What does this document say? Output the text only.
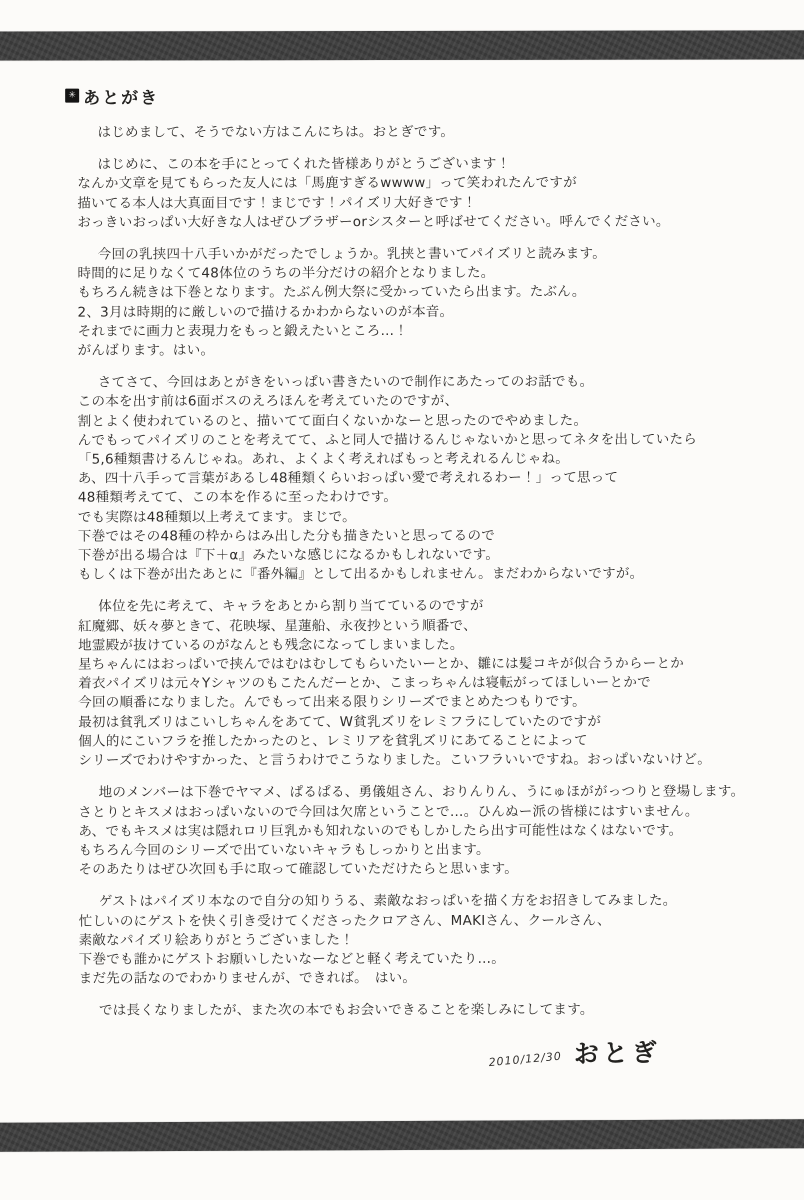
✳
あとがき
はじめまして、そうでない方はこんにちは。おとぎです。
はじめに、この本を手にとってくれた皆様ありがとうございます！
なんか文章を見てもらった友人には「馬鹿すぎるwwww」って笑われたんですが
描いてる本人は大真面目です！まじです！パイズリ大好きです！
おっきいおっぱい大好きな人はぜひブラザーorシスターと呼ばせてください。呼んでください。
今回の乳挟四十八手いかがだったでしょうか。乳挟と書いてパイズリと読みます。
時間的に足りなくて48体位のうちの半分だけの紹介となりました。
もちろん続きは下巻となります。たぶん例大祭に受かっていたら出ます。たぶん。
2、3月は時期的に厳しいので描けるかわからないのが本音。
それまでに画力と表現力をもっと鍛えたいところ…！
がんばります。はい。
さてさて、今回はあとがきをいっぱい書きたいので制作にあたってのお話でも。
この本を出す前は6面ボスのえろほんを考えていたのですが、
割とよく使われているのと、描いてて面白くないかなーと思ったのでやめました。
んでもってパイズリのことを考えてて、ふと同人で描けるんじゃないかと思ってネタを出していたら
「5,6種類書けるんじゃね。あれ、よくよく考えればもっと考えれるんじゃね。
あ、四十八手って言葉があるし48種類くらいおっぱい愛で考えれるわー！」って思って
48種類考えてて、この本を作るに至ったわけです。
でも実際は48種類以上考えてます。まじで。
下巻ではその48種の枠からはみ出した分も描きたいと思ってるので
下巻が出る場合は『下＋α』みたいな感じになるかもしれないです。
もしくは下巻が出たあとに『番外編』として出るかもしれません。まだわからないですが。
体位を先に考えて、キャラをあとから割り当てているのですが
紅魔郷、妖々夢ときて、花映塚、星蓮船、永夜抄という順番で、
地霊殿が抜けているのがなんとも残念になってしまいました。
星ちゃんにはおっぱいで挟んではむはむしてもらいたいーとか、雛には髪コキが似合うからーとか
着衣パイズリは元々Yシャツのもこたんだーとか、こまっちゃんは寝転がってほしいーとかで
今回の順番になりました。んでもって出来る限りシリーズでまとめたつもりです。
最初は貧乳ズリはこいしちゃんをあてて、W貧乳ズリをレミフラにしていたのですが
個人的にこいフラを推したかったのと、レミリアを貧乳ズリにあてることによって
シリーズでわけやすかった、と言うわけでこうなりました。こいフラいいですね。おっぱいないけど。
地のメンバーは下巻でヤマメ、ぱるぱる、勇儀姐さん、おりんりん、うにゅほががっつりと登場します。
さとりとキスメはおっぱいないので今回は欠席ということで…。ひんぬー派の皆様にはすいません。
あ、でもキスメは実は隠れロリ巨乳かも知れないのでもしかしたら出す可能性はなくはないです。
もちろん今回のシリーズで出ていないキャラもしっかりと出ます。
そのあたりはぜひ次回も手に取って確認していただけたらと思います。
ゲストはパイズリ本なので自分の知りうる、素敵なおっぱいを描く方をお招きしてみました。
忙しいのにゲストを快く引き受けてくださったクロアさん、MAKIさん、クールさん、
素敵なパイズリ絵ありがとうございました！
下巻でも誰かにゲストお願いしたいなーなどと軽く考えていたり…。
まだ先の話なのでわかりませんが、できれば。　はい。
では長くなりましたが、また次の本でもお会いできることを楽しみにしてます。
2010/12/30 おとぎ
